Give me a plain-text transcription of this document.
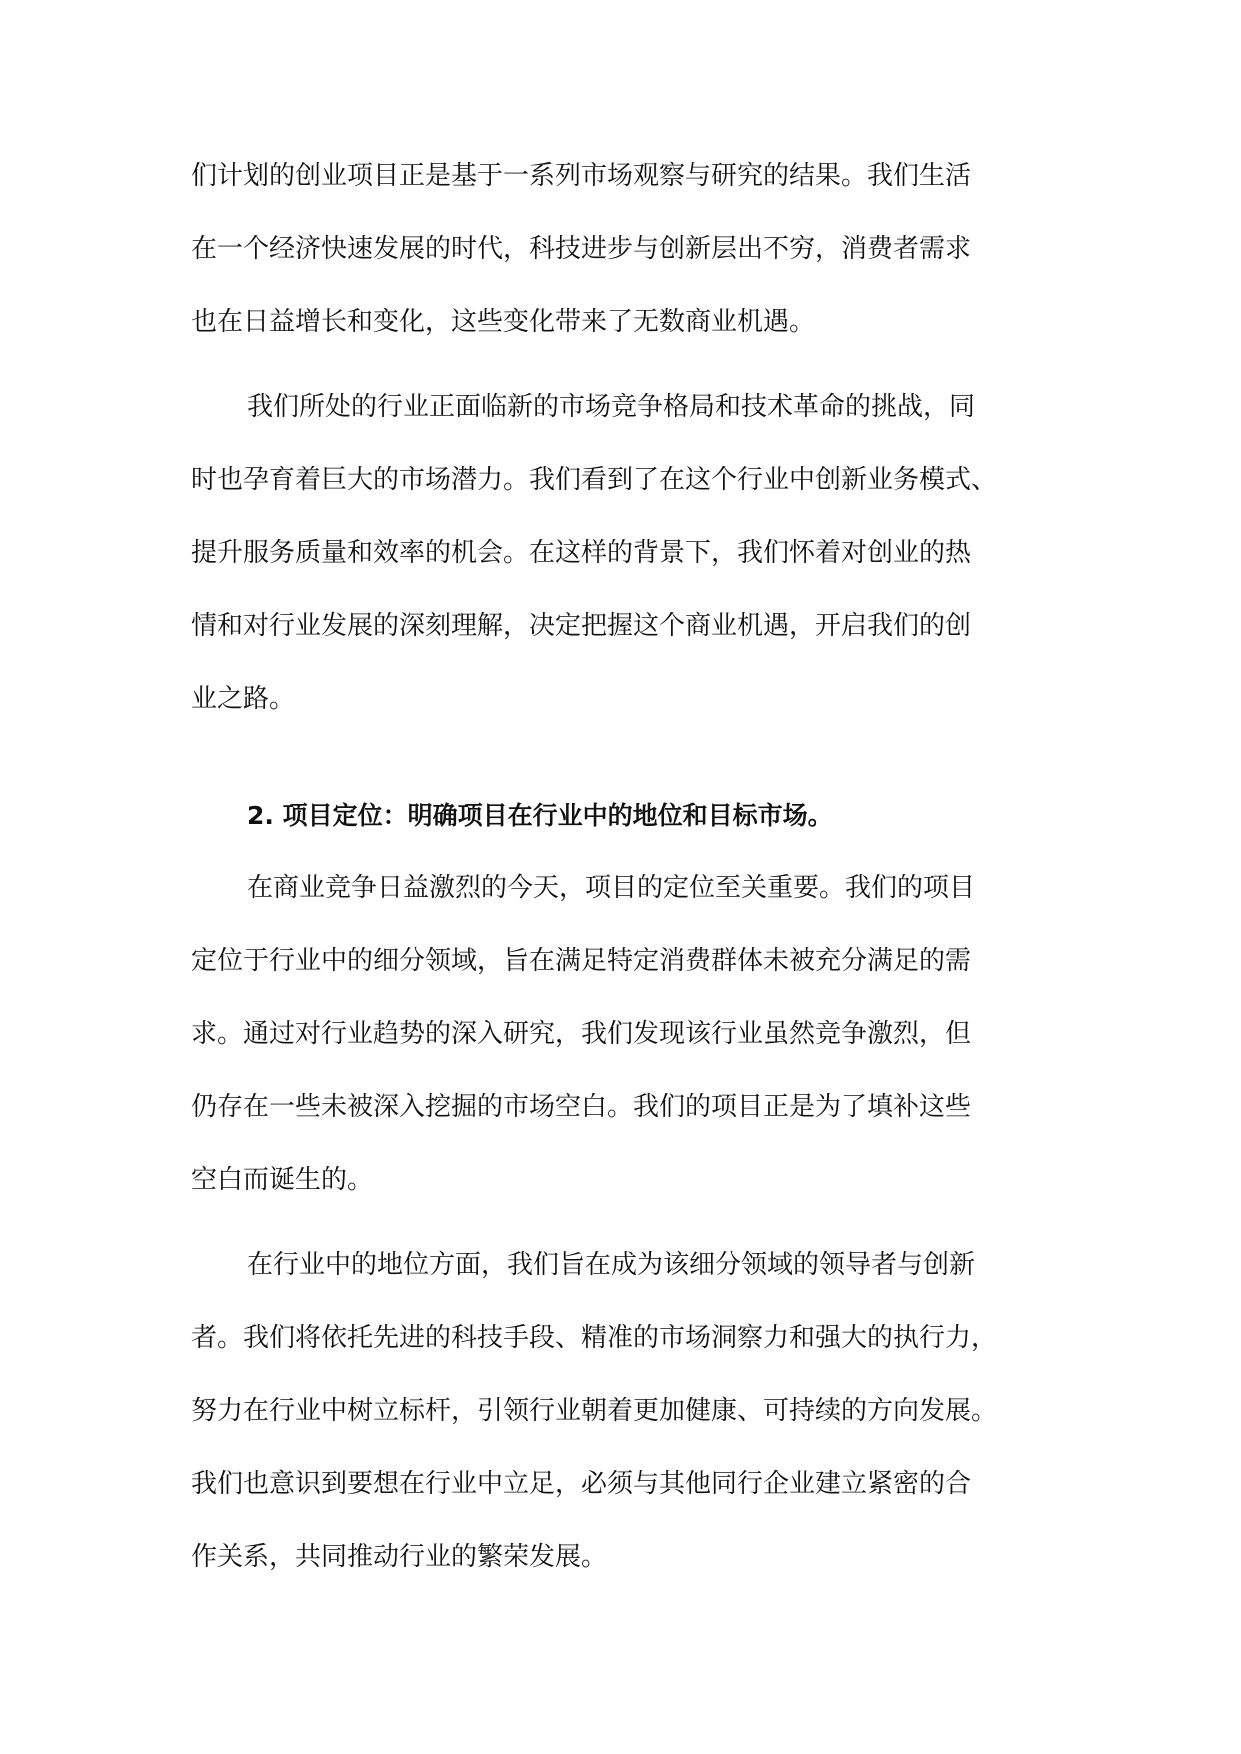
们计划的创业项目正是基于一系列市场观察与研究的结果。我们生活
在一个经济快速发展的时代，科技进步与创新层出不穷，消费者需求
也在日益增长和变化，这些变化带来了无数商业机遇。
我们所处的行业正面临新的市场竞争格局和技术革命的挑战，同
时也孕育着巨大的市场潜力。我们看到了在这个行业中创新业务模式、
提升服务质量和效率的机会。在这样的背景下，我们怀着对创业的热
情和对行业发展的深刻理解，决定把握这个商业机遇，开启我们的创
业之路。
2. 项目定位：明确项目在行业中的地位和目标市场。
在商业竞争日益激烈的今天，项目的定位至关重要。我们的项目
定位于行业中的细分领域，旨在满足特定消费群体未被充分满足的需
求。通过对行业趋势的深入研究，我们发现该行业虽然竞争激烈，但
仍存在一些未被深入挖掘的市场空白。我们的项目正是为了填补这些
空白而诞生的。
在行业中的地位方面，我们旨在成为该细分领域的领导者与创新
者。我们将依托先进的科技手段、精准的市场洞察力和强大的执行力，
努力在行业中树立标杆，引领行业朝着更加健康、可持续的方向发展。
我们也意识到要想在行业中立足，必须与其他同行企业建立紧密的合
作关系，共同推动行业的繁荣发展。
